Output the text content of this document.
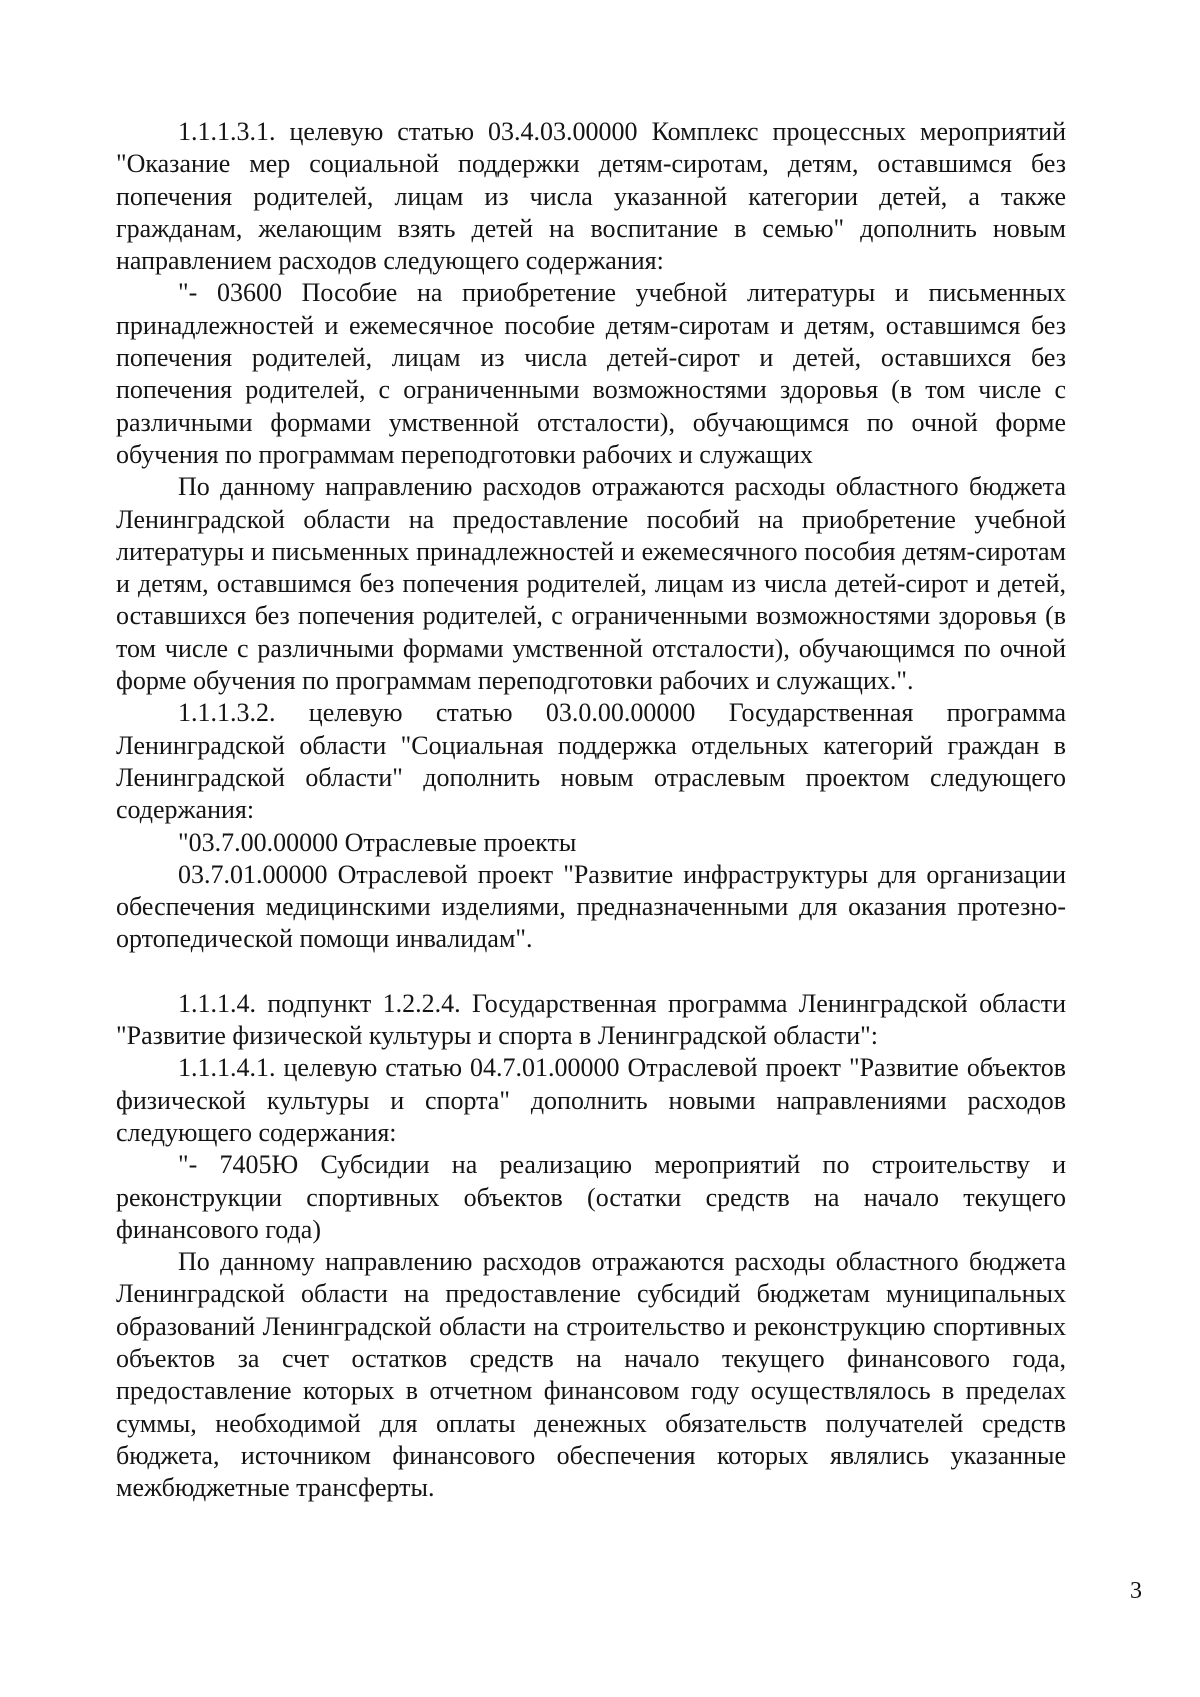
1.1.1.3.1. целевую статью 03.4.03.00000 Комплекс процессных мероприятий "Оказание мер социальной поддержки детям-сиротам, детям, оставшимся без попечения родителей, лицам из числа указанной категории детей, а также гражданам, желающим взять детей на воспитание в семью" дополнить новым направлением расходов следующего содержания:

"- 03600 Пособие на приобретение учебной литературы и письменных принадлежностей и ежемесячное пособие детям-сиротам и детям, оставшимся без попечения родителей, лицам из числа детей-сирот и детей, оставшихся без попечения родителей, с ограниченными возможностями здоровья (в том числе с различными формами умственной отсталости), обучающимся по очной форме обучения по программам переподготовки рабочих и служащих

По данному направлению расходов отражаются расходы областного бюджета Ленинградской области на предоставление пособий на приобретение учебной литературы и письменных принадлежностей и ежемесячного пособия детям-сиротам и детям, оставшимся без попечения родителей, лицам из числа детей-сирот и детей, оставшихся без попечения родителей, с ограниченными возможностями здоровья (в том числе с различными формами умственной отсталости), обучающимся по очной форме обучения по программам переподготовки рабочих и служащих.".

1.1.1.3.2. целевую статью 03.0.00.00000 Государственная программа Ленинградской области "Социальная поддержка отдельных категорий граждан в Ленинградской области" дополнить новым отраслевым проектом следующего содержания:

"03.7.00.00000 Отраслевые проекты

03.7.01.00000 Отраслевой проект "Развитие инфраструктуры для организации обеспечения медицинскими изделиями, предназначенными для оказания протезно-ортопедической помощи инвалидам".

1.1.1.4. подпункт 1.2.2.4. Государственная программа Ленинградской области "Развитие физической культуры и спорта в Ленинградской области":

1.1.1.4.1. целевую статью 04.7.01.00000 Отраслевой проект "Развитие объектов физической культуры и спорта" дополнить новыми направлениями расходов следующего содержания:

"- 7405Ю Субсидии на реализацию мероприятий по строительству и реконструкции спортивных объектов (остатки средств на начало текущего финансового года)

По данному направлению расходов отражаются расходы областного бюджета Ленинградской области на предоставление субсидий бюджетам муниципальных образований Ленинградской области на строительство и реконструкцию спортивных объектов за счет остатков средств на начало текущего финансового года, предоставление которых в отчетном финансовом году осуществлялось в пределах суммы, необходимой для оплаты денежных обязательств получателей средств бюджета, источником финансового обеспечения которых являлись указанные межбюджетные трансферты.

3
